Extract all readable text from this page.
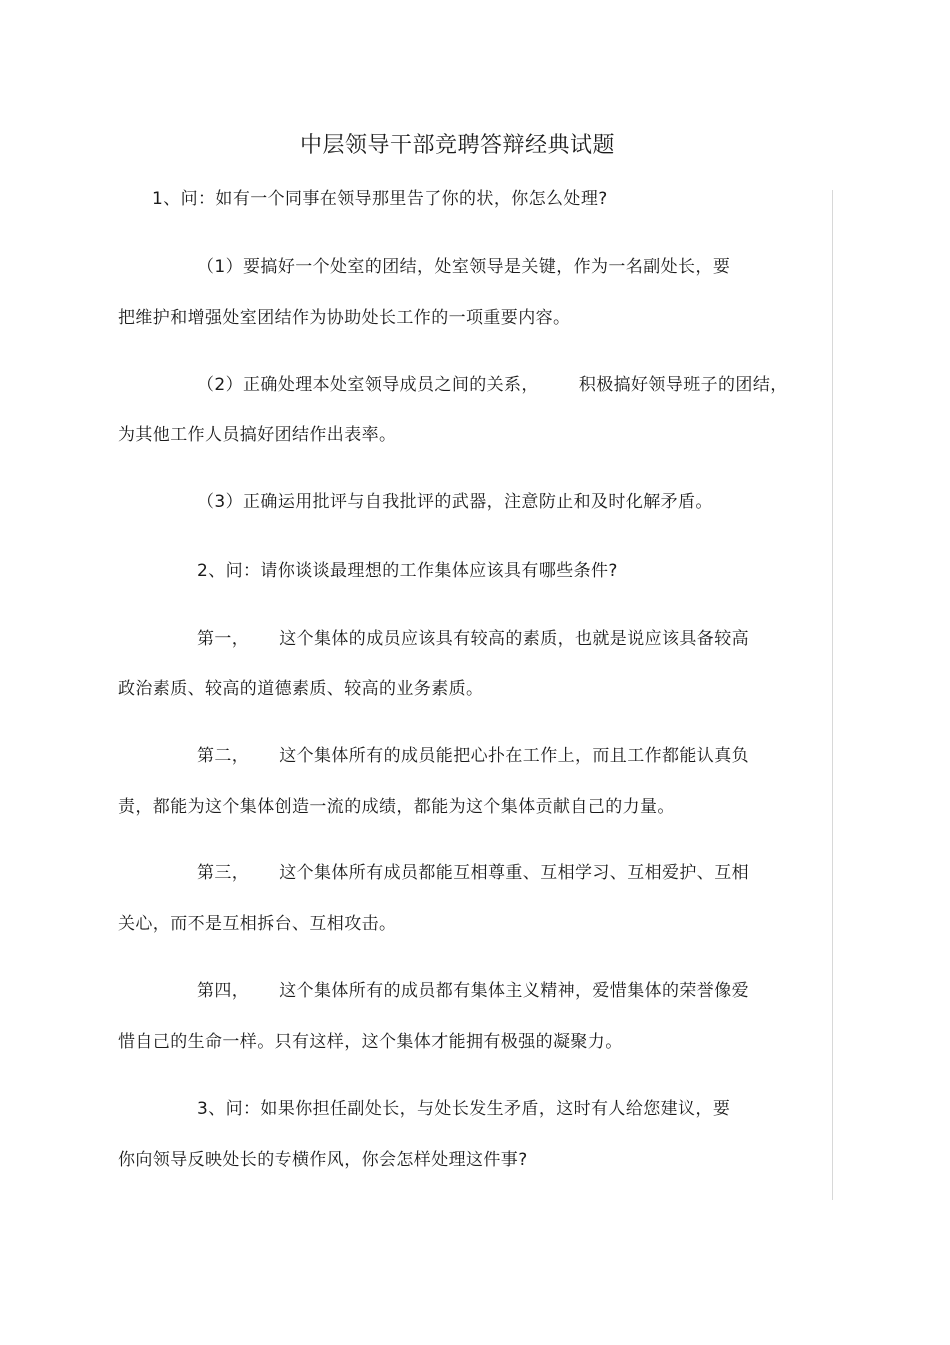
中层领导干部竞聘答辩经典试题
1、问：如有一个同事在领导那里告了你的状，你怎么处理?
（1）要搞好一个处室的团结，处室领导是关键，作为一名副处长，要
把维护和增强处室团结作为协助处长工作的一项重要内容。
（2）正确处理本处室领导成员之间的关系， 积极搞好领导班子的团结，
为其他工作人员搞好团结作出表率。
（3）正确运用批评与自我批评的武器，注意防止和及时化解矛盾。
2、问：请你谈谈最理想的工作集体应该具有哪些条件?
第一， 这个集体的成员应该具有较高的素质，也就是说应该具备较高
政治素质、较高的道德素质、较高的业务素质。
第二， 这个集体所有的成员能把心扑在工作上，而且工作都能认真负
责，都能为这个集体创造一流的成绩，都能为这个集体贡献自己的力量。
第三， 这个集体所有成员都能互相尊重、互相学习、互相爱护、互相
关心，而不是互相拆台、互相攻击。
第四， 这个集体所有的成员都有集体主义精神，爱惜集体的荣誉像爱
惜自己的生命一样。只有这样，这个集体才能拥有极强的凝聚力。
3、问：如果你担任副处长，与处长发生矛盾，这时有人给您建议，要
你向领导反映处长的专横作风，你会怎样处理这件事?
